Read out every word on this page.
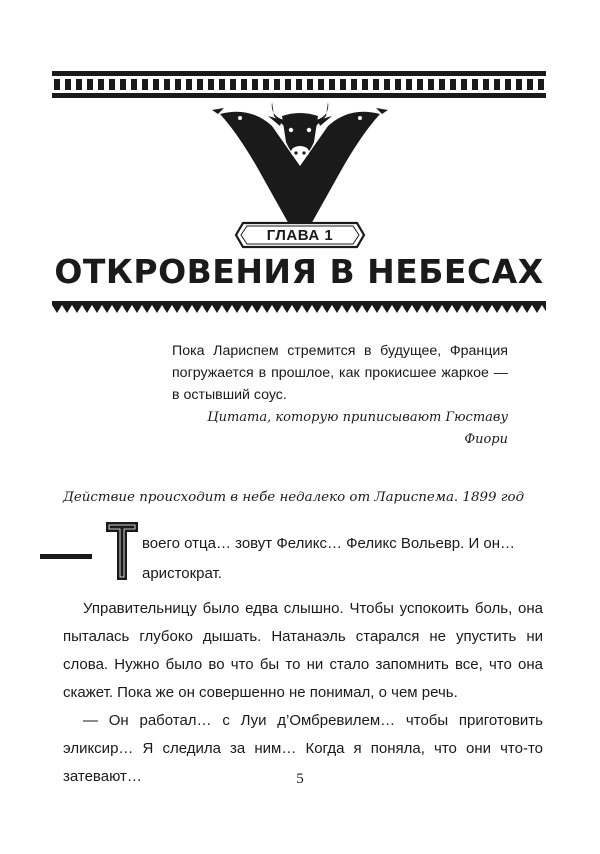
ГЛАВА 1
ОТКРОВЕНИЯ В НЕБЕСАХ
Пока Лариспем стремится в будущее, Франция погружается в прошлое, как прокисшее жаркое — в остывший соус.
Цитата, которую приписывают Гюставу Фиори
Действие происходит в небе недалеко от Лариспема. 1899 год
воего отца… зовут Феликс… Феликс Вольевр. И он…
аристократ.

Управительницу было едва слышно. Чтобы успокоить боль, она пыталась глубоко дышать. Натанаэль старался не упустить ни слова. Нужно было во что бы то ни стало запомнить все, что она скажет. Пока же он совершенно не понимал, о чем речь.

— Он работал… с Луи д’Омбревилем… чтобы приготовить эликсир… Я следила за ним… Когда я поняла, что они что-то затевают…	5
